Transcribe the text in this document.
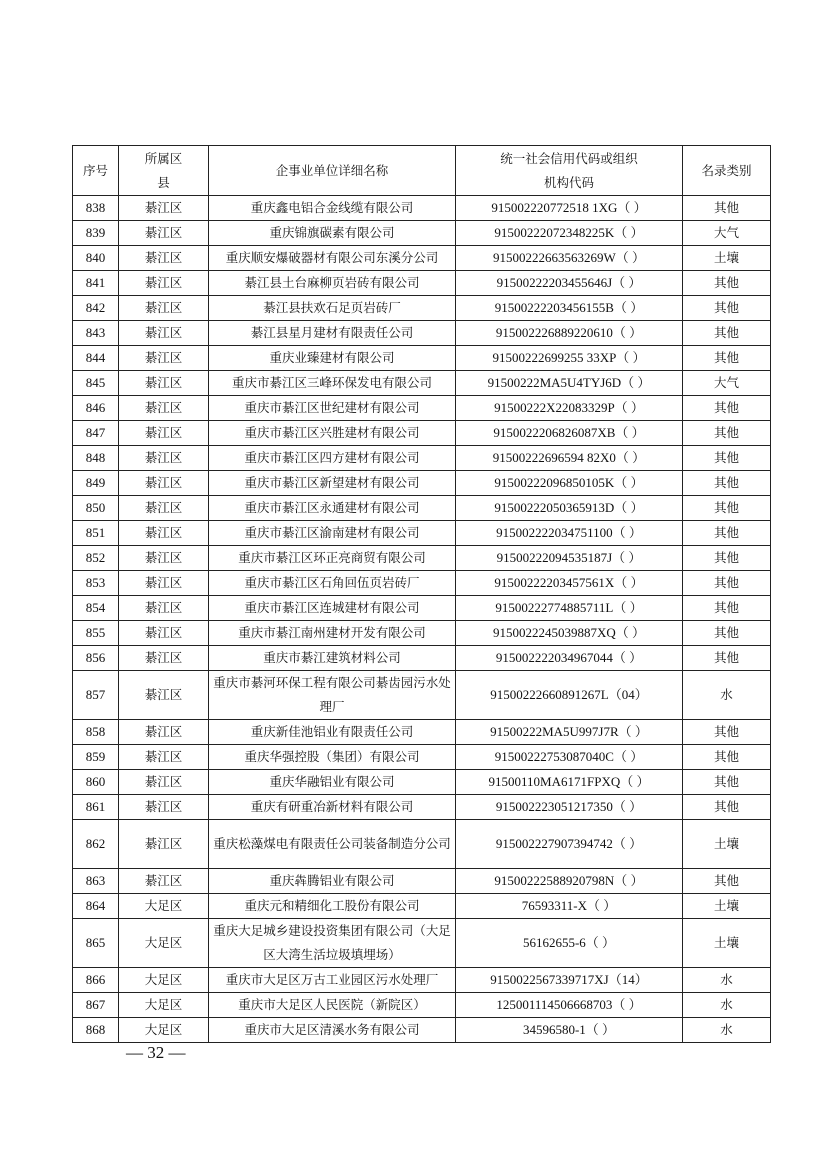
序号	所属区县	企事业单位详细名称	统一社会信用代码或组织机构代码	名录类别
838	綦江区	重庆鑫电铝合金线缆有限公司	915002220772518 1XG（ ）	其他
839	綦江区	重庆锦旗碳素有限公司	91500222072348225K（ ）	大气
840	綦江区	重庆顺安爆破器材有限公司东溪分公司	91500222663563269W（ ）	土壤
841	綦江区	綦江县土台麻柳页岩砖有限公司	91500222203455646J（ ）	其他
842	綦江区	綦江县扶欢石足页岩砖厂	91500222203456155B（ ）	其他
843	綦江区	綦江县星月建材有限责任公司	915002226889220610（ ）	其他
844	綦江区	重庆业臻建材有限公司	91500222699255 33XP（ ）	其他
845	綦江区	重庆市綦江区三峰环保发电有限公司	91500222MA5U4TYJ6D（ ）	大气
846	綦江区	重庆市綦江区世纪建材有限公司	91500222X22083329P（ ）	其他
847	綦江区	重庆市綦江区兴胜建材有限公司	9150022206826087XB（ ）	其他
848	綦江区	重庆市綦江区四方建材有限公司	91500222696594 82X0（ ）	其他
849	綦江区	重庆市綦江区新望建材有限公司	91500222096850105K（ ）	其他
850	綦江区	重庆市綦江区永通建材有限公司	91500222050365913D（ ）	其他
851	綦江区	重庆市綦江区渝南建材有限公司	915002222034751100（ ）	其他
852	綦江区	重庆市綦江区环正亮商贸有限公司	91500222094535187J（ ）	其他
853	綦江区	重庆市綦江区石角回伍页岩砖厂	91500222203457561X（ ）	其他
854	綦江区	重庆市綦江区连城建材有限公司	91500222774885711L（ ）	其他
855	綦江区	重庆市綦江南州建材开发有限公司	9150022245039887XQ（ ）	其他
856	綦江区	重庆市綦江建筑材料公司	915002222034967044（ ）	其他
857	綦江区	重庆市綦河环保工程有限公司綦齿园污水处理厂	91500222660891267L（04）	水
858	綦江区	重庆新佳池铝业有限责任公司	91500222MA5U997J7R（ ）	其他
859	綦江区	重庆华强控股（集团）有限公司	91500222753087040C（ ）	其他
860	綦江区	重庆华融铝业有限公司	91500110MA6171FPXQ（ ）	其他
861	綦江区	重庆有研重冶新材料有限公司	915002223051217350（ ）	其他
862	綦江区	重庆松藻煤电有限责任公司装备制造分公司	915002227907394742（ ）	土壤
863	綦江区	重庆犇腾铝业有限公司	91500222588920798N（ ）	其他
864	大足区	重庆元和精细化工股份有限公司	76593311-X（ ）	土壤
865	大足区	重庆大足城乡建设投资集团有限公司（大足区大湾生活垃圾填埋场）	56162655-6（ ）	土壤
866	大足区	重庆市大足区万古工业园区污水处理厂	9150022567339717XJ（14）	水
867	大足区	重庆市大足区人民医院（新院区）	125001114506668703（ ）	水
868	大足区	重庆市大足区清溪水务有限公司	34596580-1（ ）	水
— 32 —
